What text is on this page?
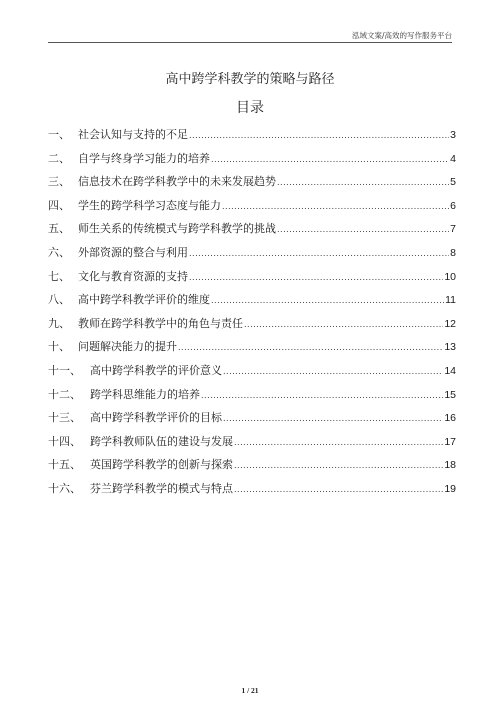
泓域文案/高效的写作服务平台
高中跨学科教学的策略与路径
目录
一、 社会认知与支持的不足 .....	3
二、 自学与终身学习能力的培养 .....	4
三、 信息技术在跨学科教学中的未来发展趋势 .....	5
四、 学生的跨学科学习态度与能力 .....	6
五、 师生关系的传统模式与跨学科教学的挑战 .....	7
六、 外部资源的整合与利用 .....	8
七、 文化与教育资源的支持 .....	10
八、 高中跨学科教学评价的维度 .....	11
九、 教师在跨学科教学中的角色与责任 .....	12
十、 问题解决能力的提升 .....	13
十一、 高中跨学科教学的评价意义 .....	14
十二、 跨学科思维能力的培养 .....	15
十三、 高中跨学科教学评价的目标 .....	16
十四、 跨学科教师队伍的建设与发展 .....	17
十五、 英国跨学科教学的创新与探索 .....	18
十六、 芬兰跨学科教学的模式与特点 .....	19
1 / 21
